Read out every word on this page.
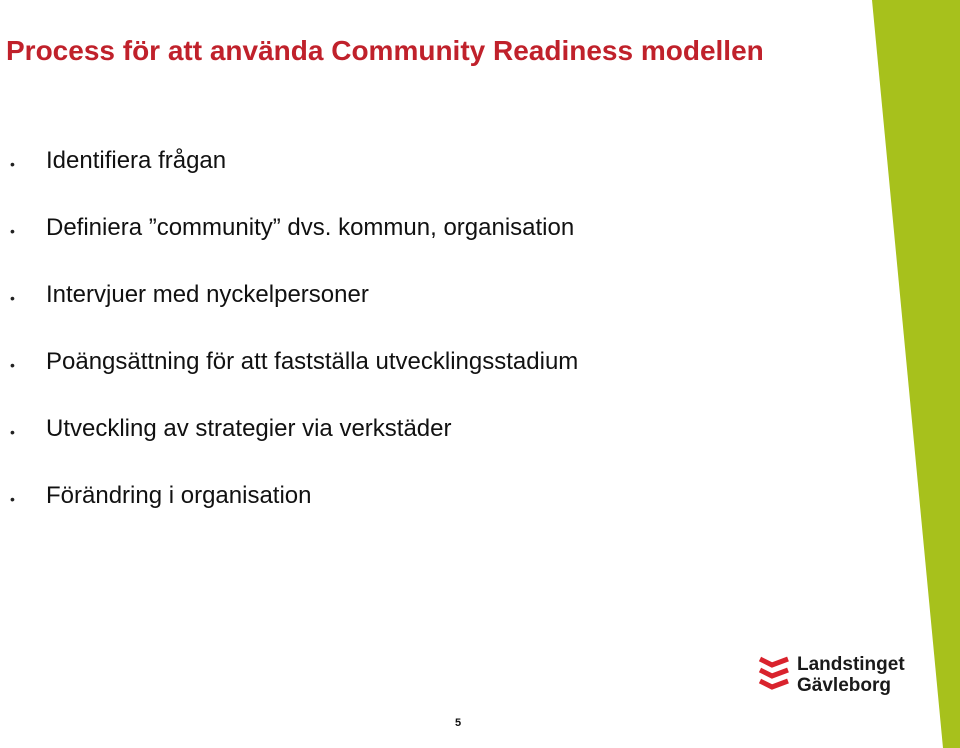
Process för att använda Community Readiness modellen
• Identifiera frågan
• Definiera ”community” dvs. kommun, organisation
• Intervjuer med nyckelpersoner
• Poängsättning för att fastställa utvecklingsstadium
• Utveckling av strategier via verkstäder
• Förändring i organisation
Landstinget
Gävleborg
5
